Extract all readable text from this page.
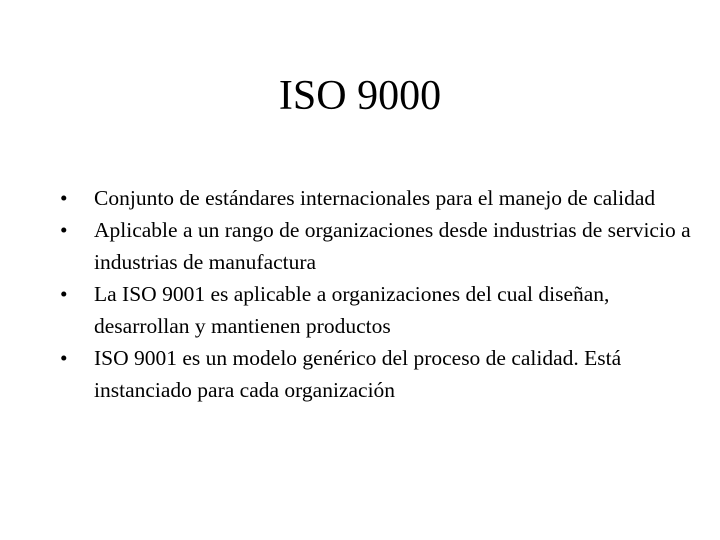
ISO 9000
•	Conjunto de estándares internacionales para el manejo de calidad
•	Aplicable a un rango de organizaciones desde industrias de servicio a industrias de manufactura
•	La ISO 9001 es aplicable a organizaciones del cual diseñan, desarrollan y mantienen productos
•	ISO 9001 es un modelo genérico del proceso de calidad. Está instanciado para cada organización
